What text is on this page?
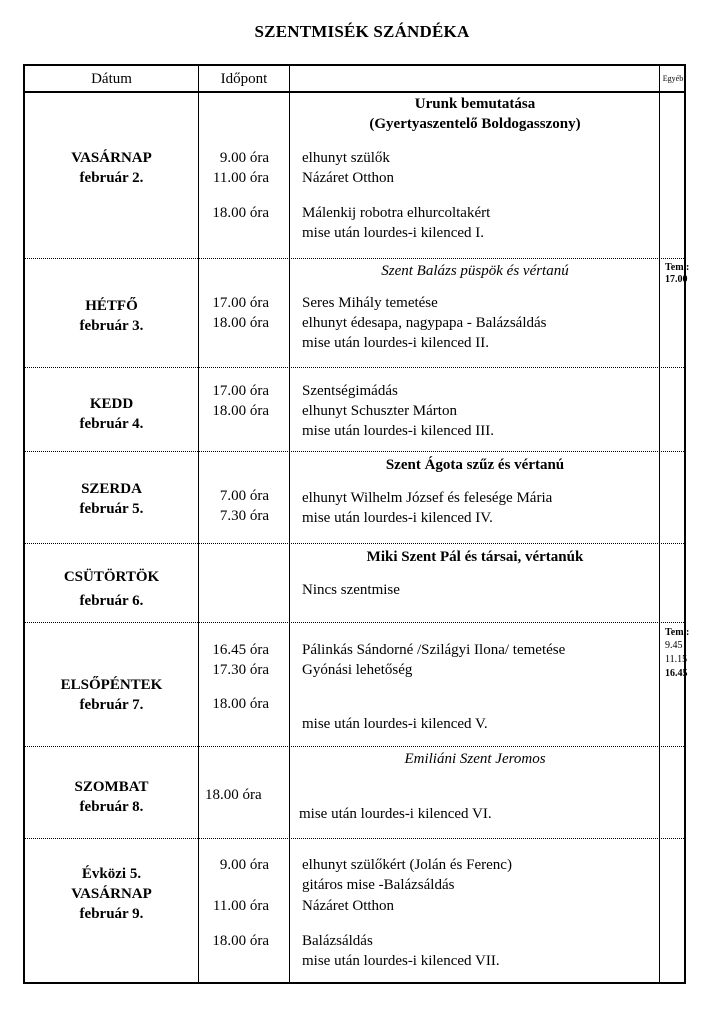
SZENTMISÉK SZÁNDÉKA
Dátum	Időpont	Egyéb
Urunk bemutatása
(Gyertyaszentelő Boldogasszony)
VASÁRNAP
február 2.
9.00 óra
11.00 óra
18.00 óra
elhunyt szülők
Názáret Otthon
Málenkij robotra elhurcoltakért
mise után lourdes-i kilenced I.
Szent Balázs püspök és vértanú
HÉTFŐ
február 3.
17.00 óra
18.00 óra
Seres Mihály temetése
elhunyt édesapa, nagypapa - Balázsáldás
mise után lourdes-i kilenced II.
Tem.:
17.00
KEDD
február 4.
17.00 óra
18.00 óra
Szentségimádás
elhunyt Schuszter Márton
mise után lourdes-i kilenced III.
Szent Ágota szűz és vértanú
SZERDA
február 5.
7.00 óra
7.30 óra
elhunyt Wilhelm József és felesége Mária
mise után lourdes-i kilenced IV.
Miki Szent Pál és társai, vértanúk
CSÜTÖRTÖK
február 6.
Nincs szentmise
ELSŐPÉNTEK
február 7.
16.45 óra
17.30 óra
18.00 óra
Pálinkás Sándorné /Szilágyi Ilona/ temetése
Gyónási lehetőség
mise után lourdes-i kilenced V.
Tem.:
9.45
11.15
16.45
Emiliáni Szent Jeromos
SZOMBAT
február 8.
18.00 óra
mise után lourdes-i kilenced VI.
Évközi 5.
VASÁRNAP
február 9.
9.00 óra
11.00 óra
18.00 óra
elhunyt szülőkért (Jolán és Ferenc)
gitáros mise -Balázsáldás
Názáret Otthon
Balázsáldás
mise után lourdes-i kilenced VII.
